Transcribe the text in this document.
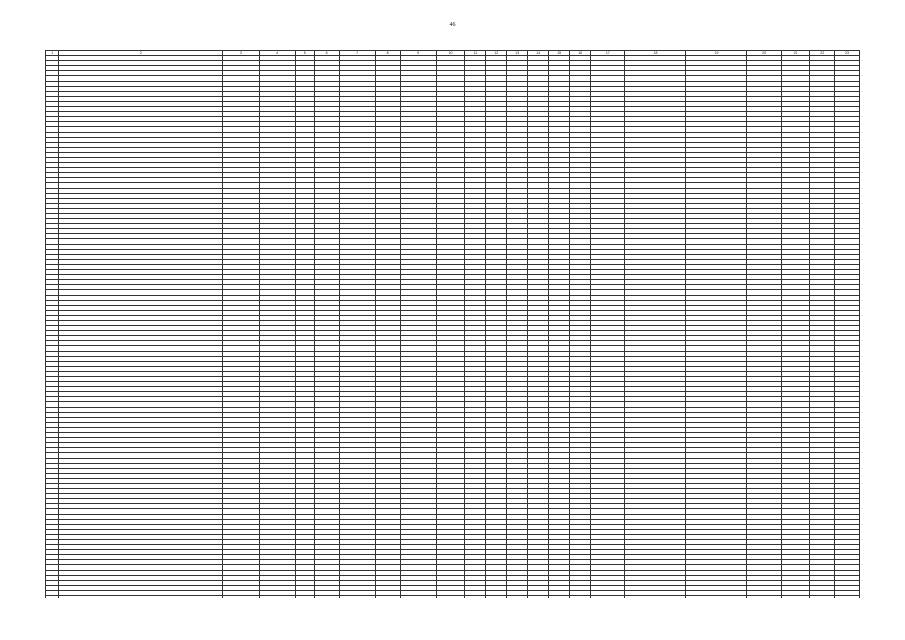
46
1	2	3	4	5	6	7	8	9	10	11	12	13	14	15	16	17	18	19	20	21	22	23	
